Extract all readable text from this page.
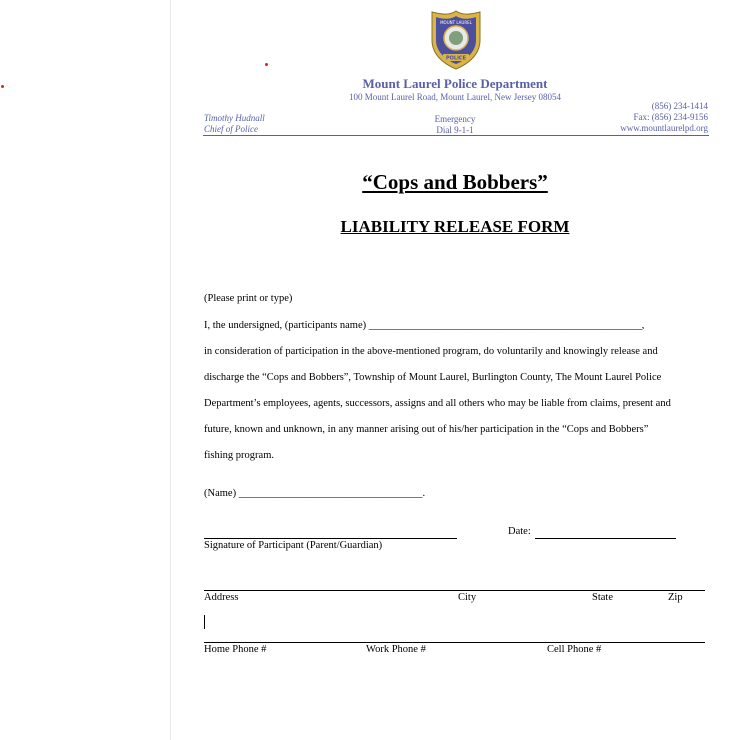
MOUNT LAUREL
POLICE
Mount Laurel Police Department
100 Mount Laurel Road, Mount Laurel, New Jersey 08054
Timothy Hudnall
Chief of Police
Emergency
Dial 9-1-1
(856) 234-1414
Fax: (856) 234-9156
www.mountlaurelpd.org
“Cops and Bobbers”
LIABILITY RELEASE FORM
(Please print or type)
I, the undersigned, (participants name) ____________________________________________________,
in consideration of participation in the above-mentioned program, do voluntarily and knowingly release and
discharge the “Cops and Bobbers”, Township of Mount Laurel, Burlington County, The Mount Laurel Police
Department’s employees, agents, successors, assigns and all others who may be liable from claims, present and
future, known and unknown, in any manner arising out of his/her participation in the “Cops and Bobbers”
fishing program.
(Name) ___________________________________.
Signature of Participant (Parent/Guardian)
Date:
Address	City	State	Zip
Home Phone #	Work Phone #	Cell Phone #
